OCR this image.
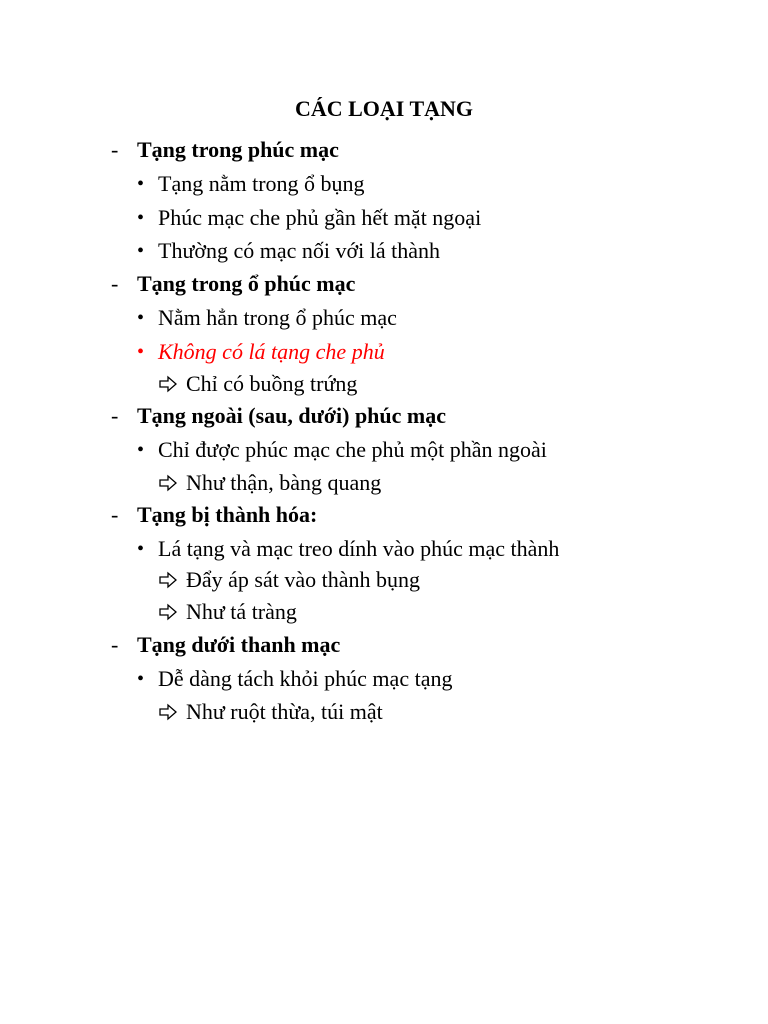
CÁC LOẠI TẠNG
- Tạng trong phúc mạc
• Tạng nằm trong ổ bụng
• Phúc mạc che phủ gần hết mặt ngoại
• Thường có mạc nối với lá thành
- Tạng trong ổ phúc mạc
• Nằm hẳn trong ổ phúc mạc
• Không có lá tạng che phủ
Chỉ có buồng trứng
- Tạng ngoài (sau, dưới) phúc mạc
• Chỉ được phúc mạc che phủ một phần ngoài
Như thận, bàng quang
- Tạng bị thành hóa:
• Lá tạng và mạc treo dính vào phúc mạc thành
Đẩy áp sát vào thành bụng
Như tá tràng
- Tạng dưới thanh mạc
• Dễ dàng tách khỏi phúc mạc tạng
Như ruột thừa, túi mật
